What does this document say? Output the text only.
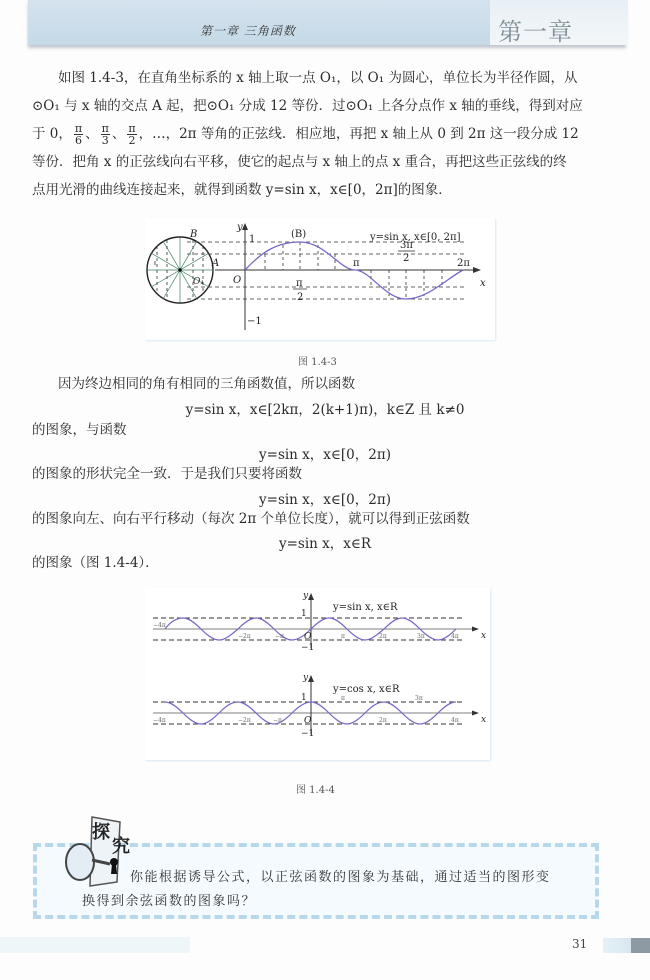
第一章 三角函数	第一章
如图 1.4-3，在直角坐标系的 x 轴上取一点 O₁，以 O₁ 为圆心，单位长为半径作圆，从
⊙O₁ 与 x 轴的交点 A 起，把⊙O₁ 分成 12 等份．过⊙O₁ 上各分点作 x 轴的垂线，得到对应
于 0， $\frac{\pi}{6}$ 、 $\frac{\pi}{3}$ 、 $\frac{\pi}{2}$ ，…，2π 等角的正弦线．相应地，再把 x 轴上从 0 到 2π 这一段分成 12
等份．把角 x 的正弦线向右平移，使它的起点与 x 轴上的点 x 重合，再把这些正弦线的终
点用光滑的曲线连接起来，就得到函数 y=sin x，x∈[0，2π]的图象．
B
A
O
O₁
y
x
1
−1
(B)
π	2π
π
2
3π
2
y=sin x, x∈[0, 2π]
图 1.4-3
因为终边相同的角有相同的三角函数值，所以函数
y=sin x，x∈[2kπ，2(k+1)π)，k∈Z 且 k≠0
的图象，与函数
y=sin x，x∈[0，2π)
的图象的形状完全一致．于是我们只要将函数
y=sin x，x∈[0，2π)
的图象向左、向右平行移动（每次 2π 个单位长度），就可以得到正弦函数
y=sin x，x∈R
的图象（图 1.4-4）．
y
x
1
−1
O
y=sin x, x∈R
−4π
−2π	−π	π	2π	3π	4π
y
x
1
−1
O
y=cos x, x∈R
−4π	−2π	−π
π
2π
3π
4π
图 1.4-4
探
究
你能根据诱导公式，以正弦函数的图象为基础，通过适当的图形变
换得到余弦函数的图象吗？
31
